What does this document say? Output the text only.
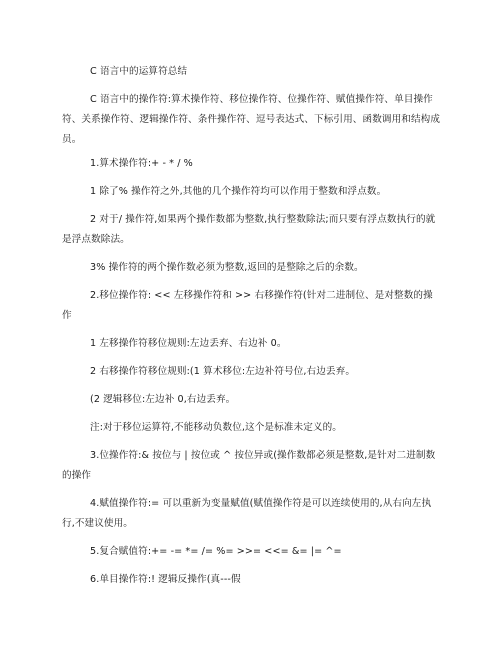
C 语言中的运算符总结

C 语言中的操作符:算术操作符、移位操作符、位操作符、赋值操作符、单目操作符、关系操作符、逻辑操作符、条件操作符、逗号表达式、下标引用、函数调用和结构成员。

1.算术操作符:+ - * / %

1 除了% 操作符之外,其他的几个操作符均可以作用于整数和浮点数。

2 对于/ 操作符,如果两个操作数都为整数,执行整数除法;而只要有浮点数执行的就是浮点数除法。

3% 操作符的两个操作数必须为整数,返回的是整除之后的余数。

2.移位操作符: << 左移操作符和 >> 右移操作符(针对二进制位、是对整数的操作

1 左移操作符移位规则:左边丢弃、右边补 0。

2 右移操作符移位规则:(1 算术移位:左边补符号位,右边丢弃。

(2 逻辑移位:左边补 0,右边丢弃。

注:对于移位运算符,不能移动负数位,这个是标准未定义的。

3.位操作符:& 按位与 | 按位或 ^ 按位异或(操作数都必须是整数,是针对二进制数的操作

4.赋值操作符:= 可以重新为变量赋值(赋值操作符是可以连续使用的,从右向左执行,不建议使用。

5.复合赋值符:+= -= *= /= %= >>= <<= &= |= ^=

6.单目操作符:! 逻辑反操作(真---假
